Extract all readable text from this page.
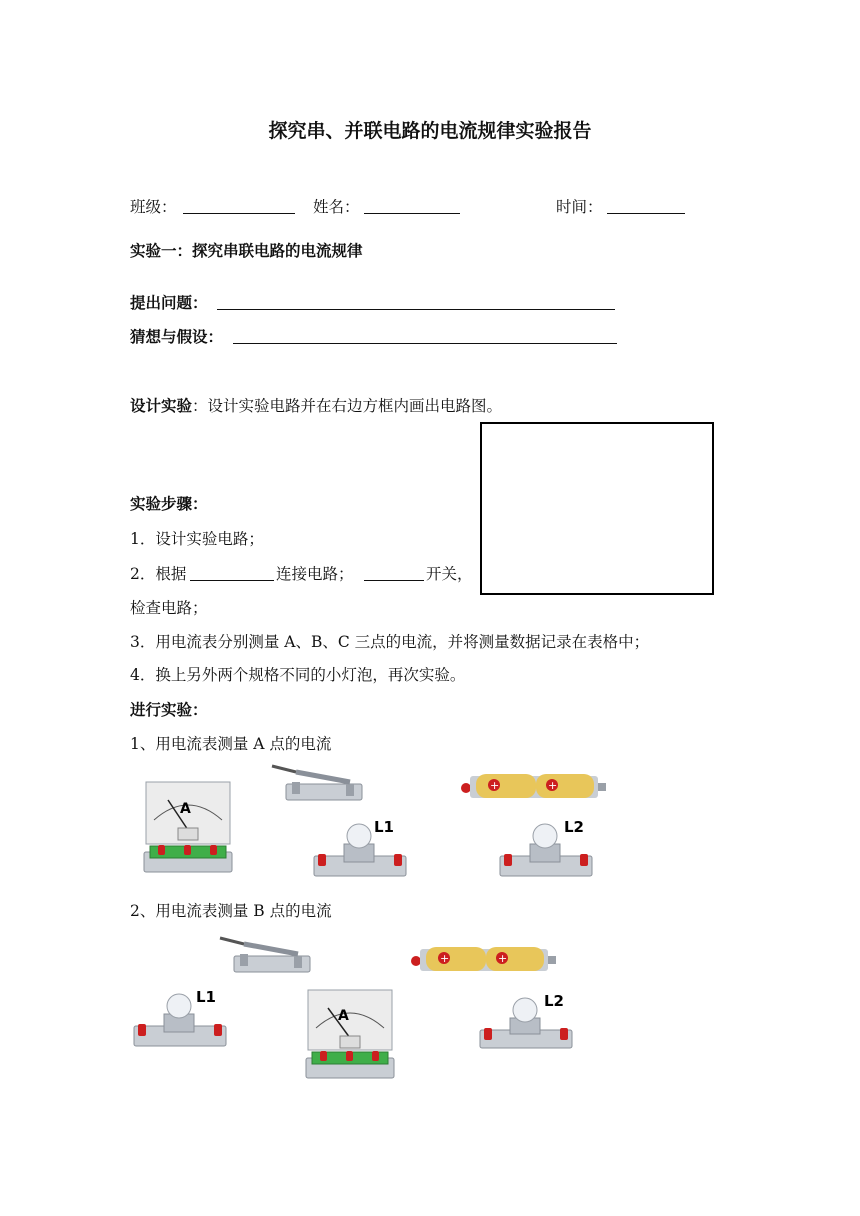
探究串、并联电路的电流规律实验报告
班级：	姓名：	时间：
实验一：探究串联电路的电流规律
提出问题：
猜想与假设：
设计实验：设计实验电路并在右边方框内画出电路图。
实验步骤：
1．设计实验电路；
2．根据	连接电路；	开关，
检查电路；
3．用电流表分别测量 A、B、C 三点的电流，并将测量数据记录在表格中；
4．换上另外两个规格不同的小灯泡，再次实验。
进行实验：
1、用电流表测量 A 点的电流
A
+	+
L1	L2
2、用电流表测量 B 点的电流
+	+
L1
A
L2
